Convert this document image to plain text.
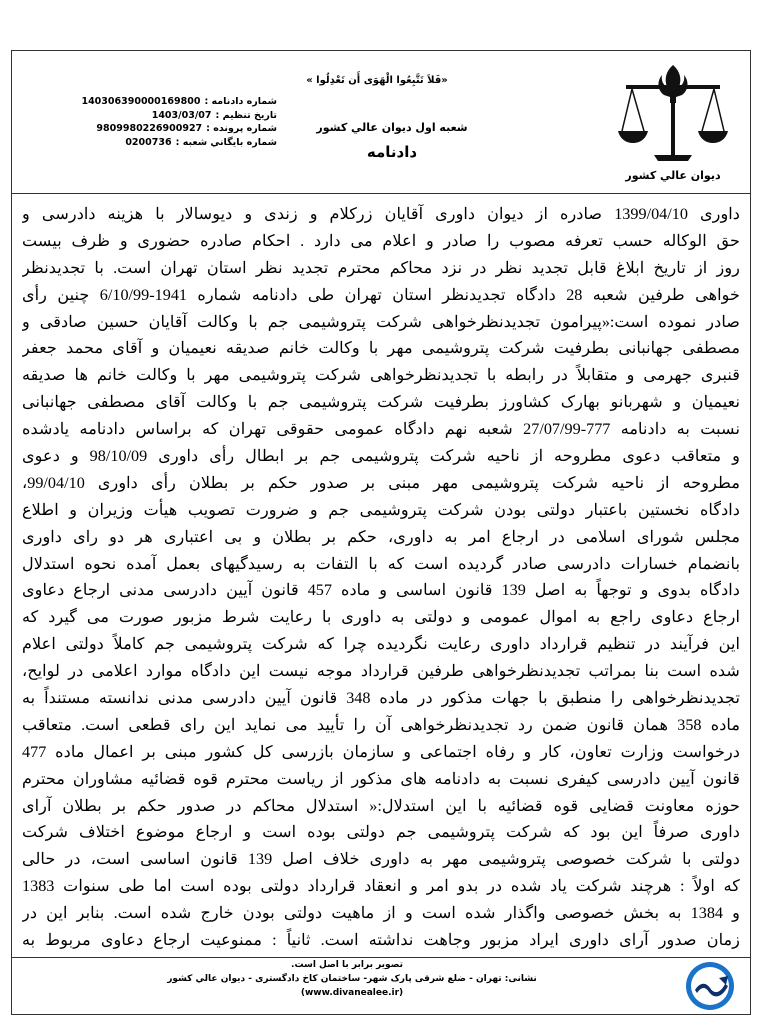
ديوان عالي كشور
«فَلاَ تَتَّبِعُوا الْهَوَى أَن تَعْدِلُوا »
شعبه اول ديوان عالي كشور
دادنامه
شماره دادنامه :
140306390000169800
تاريخ تنظيم :
1403/03/07
شماره پرونده :
9809980226900927
شماره بايگاني شعبه :
0200736
داوری 1399/04/10 صادره از دیوان داوری آقایان زرکلام و زندی و دیوسالار با هزینه دادرسی و
حق الوکاله حسب تعرفه مصوب را صادر و اعلام می دارد . احکام صادره حضوری و ظرف بیست
روز از تاریخ ابلاغ قابل تجدید نظر در نزد محاکم محترم تجدید نظر استان تهران است. با تجدیدنظر
خواهی طرفین شعبه 28 دادگاه تجدیدنظر استان تهران طی دادنامه شماره 1941-6/10/99 چنین رأی
صادر نموده است:«پیرامون تجدیدنظرخواهی شرکت پتروشیمی جم با وکالت آقایان حسین صادقی و
مصطفی جهانبانی بطرفیت شرکت پتروشیمی مهر با وکالت خانم صدیقه نعیمیان و آقای محمد جعفر
قنبری جهرمی و متقابلاً در رابطه با تجدیدنظرخواهی شرکت پتروشیمی مهر با وکالت خانم ها صدیقه
نعیمیان و شهربانو بهارک کشاورز بطرفیت شرکت پتروشیمی جم با وکالت آقای مصطفی جهانبانی
نسبت به دادنامه 777-27/07/99 شعبه نهم دادگاه عمومی حقوقی تهران که براساس دادنامه یادشده
و متعاقب دعوی مطروحه از ناحیه شرکت پتروشیمی جم بر ابطال رأی داوری 98/10/09 و دعوی
مطروحه از ناحیه شرکت پتروشیمی مهر مبنی بر صدور حکم بر بطلان رأی داوری 99/04/10،
دادگاه نخستین باعتبار دولتی بودن شرکت پتروشیمی جم و ضرورت تصویب هیأت وزیران و اطلاع
مجلس شورای اسلامی در ارجاع امر به داوری، حکم بر بطلان و بی اعتباری هر دو رای داوری
بانضمام خسارات دادرسی صادر گردیده است که با التفات به رسیدگیهای بعمل آمده نحوه استدلال
دادگاه بدوی و توجهاً به اصل 139 قانون اساسی و ماده 457 قانون آیین دادرسی مدنی ارجاع دعاوی
ارجاع دعاوی راجع به اموال عمومی و دولتی به داوری با رعایت شرط مزبور صورت می گیرد که
این فرآیند در تنظیم قرارداد داوری رعایت نگردیده چرا که شرکت پتروشیمی جم کاملاً دولتی اعلام
شده است بنا بمراتب تجدیدنظرخواهی طرفین قرارداد موجه نیست این دادگاه موارد اعلامی در لوایح،
تجدیدنظرخواهی را منطبق با جهات مذکور در ماده 348 قانون آیین دادرسی مدنی ندانسته مستنداً به
ماده 358 همان قانون ضمن رد تجدیدنظرخواهی آن را تأیید می نماید این رای قطعی است. متعاقب
درخواست وزارت تعاون، کار و رفاه اجتماعی و سازمان بازرسی کل کشور مبنی بر اعمال ماده 477
قانون آیین دادرسی کیفری نسبت به دادنامه های مذکور از ریاست محترم قوه قضائیه مشاوران محترم
حوزه معاونت قضایی قوه قضائیه با این استدلال:« استدلال محاکم در صدور حکم بر بطلان آرای
داوری صرفاً این بود که شرکت پتروشیمی جم دولتی بوده است و ارجاع موضوع اختلاف شرکت
دولتی با شرکت خصوصی پتروشیمی مهر به داوری خلاف اصل 139 قانون اساسی است، در حالی
که اولاً : هرچند شرکت یاد شده در بدو امر و انعقاد قرارداد دولتی بوده است اما طی سنوات 1383
و 1384 به بخش خصوصی واگذار شده است و از ماهیت دولتی بودن خارج شده است. بنابر این در
زمان صدور آرای داوری ایراد مزبور وجاهت نداشته است. ثانیاً : ممنوعیت ارجاع دعاوی مربوط به
تصویر برابر با اصل است.
نشانی: تهران - ضلع شرقی پارک شهر- ساختمان كاخ دادگستری - ديوان عالي کشور
(www.divanealee.ir)
